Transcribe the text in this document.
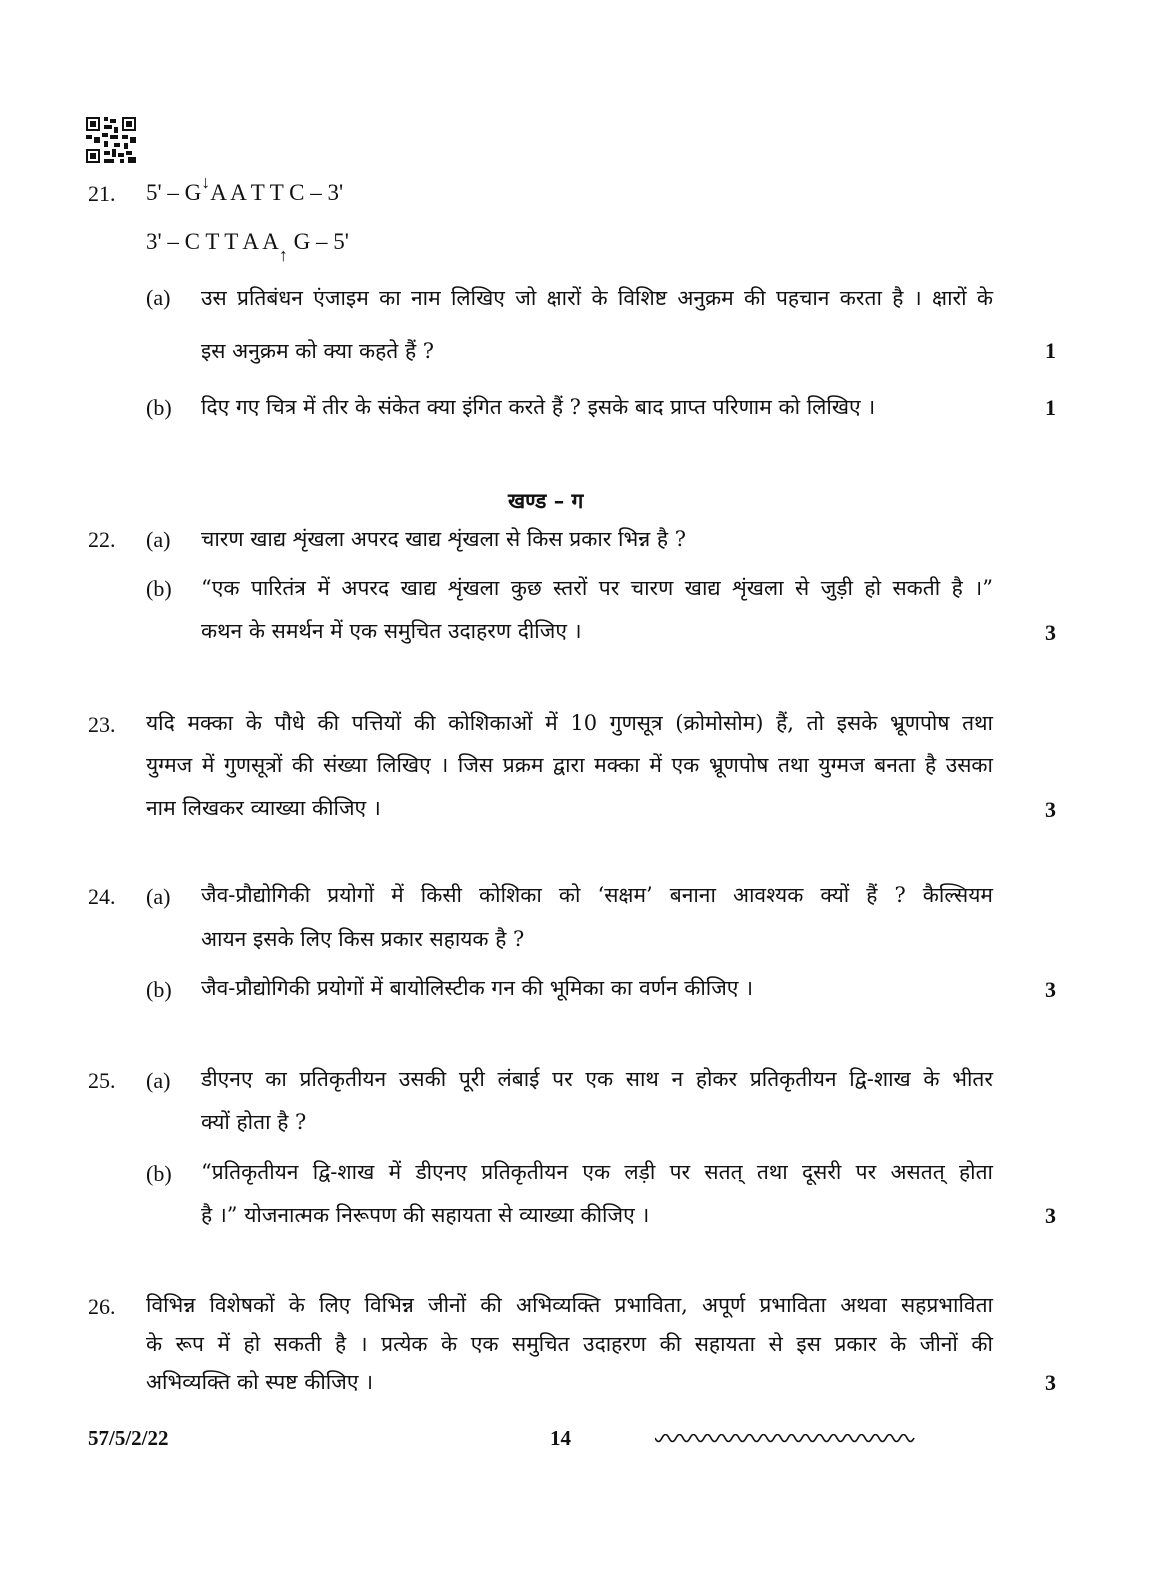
21. 5' – G↓A A T T C – 3'
3' – C T T A $A_↑$ G – 5'
(a) उस प्रतिबंधन एंजाइम का नाम लिखिए जो क्षारों के विशिष्ट अनुक्रम की पहचान करता है । क्षारों के
इस अनुक्रम को क्या कहते हैं ?	1
(b) दिए गए चित्र में तीर के संकेत क्या इंगित करते हैं ? इसके बाद प्राप्त परिणाम को लिखिए ।	1
खण्ड – ग
22. (a) चारण खाद्य शृंखला अपरद खाद्य शृंखला से किस प्रकार भिन्न है ?
(b) “एक पारितंत्र में अपरद खाद्य शृंखला कुछ स्तरों पर चारण खाद्य शृंखला से जुड़ी हो सकती है ।”
कथन के समर्थन में एक समुचित उदाहरण दीजिए ।	3
23. यदि मक्का के पौधे की पत्तियों की कोशिकाओं में 10 गुणसूत्र (क्रोमोसोम) हैं, तो इसके भ्रूणपोष तथा
युग्मज में गुणसूत्रों की संख्या लिखिए । जिस प्रक्रम द्वारा मक्का में एक भ्रूणपोष तथा युग्मज बनता है उसका
नाम लिखकर व्याख्या कीजिए ।	3
24. (a) जैव-प्रौद्योगिकी प्रयोगों में किसी कोशिका को ‘सक्षम’ बनाना आवश्यक क्यों हैं ? कैल्सियम
आयन इसके लिए किस प्रकार सहायक है ?
(b) जैव-प्रौद्योगिकी प्रयोगों में बायोलिस्टीक गन की भूमिका का वर्णन कीजिए ।	3
25. (a) डीएनए का प्रतिकृतीयन उसकी पूरी लंबाई पर एक साथ न होकर प्रतिकृतीयन द्वि-शाख के भीतर
क्यों होता है ?
(b) “प्रतिकृतीयन द्वि-शाख में डीएनए प्रतिकृतीयन एक लड़ी पर सतत् तथा दूसरी पर असतत् होता
है ।” योजनात्मक निरूपण की सहायता से व्याख्या कीजिए ।	3
26. विभिन्न विशेषकों के लिए विभिन्न जीनों की अभिव्यक्ति प्रभाविता, अपूर्ण प्रभाविता अथवा सहप्रभाविता
के रूप में हो सकती है । प्रत्येक के एक समुचित उदाहरण की सहायता से इस प्रकार के जीनों की
अभिव्यक्ति को स्पष्ट कीजिए ।	3
57/5/2/22	14
